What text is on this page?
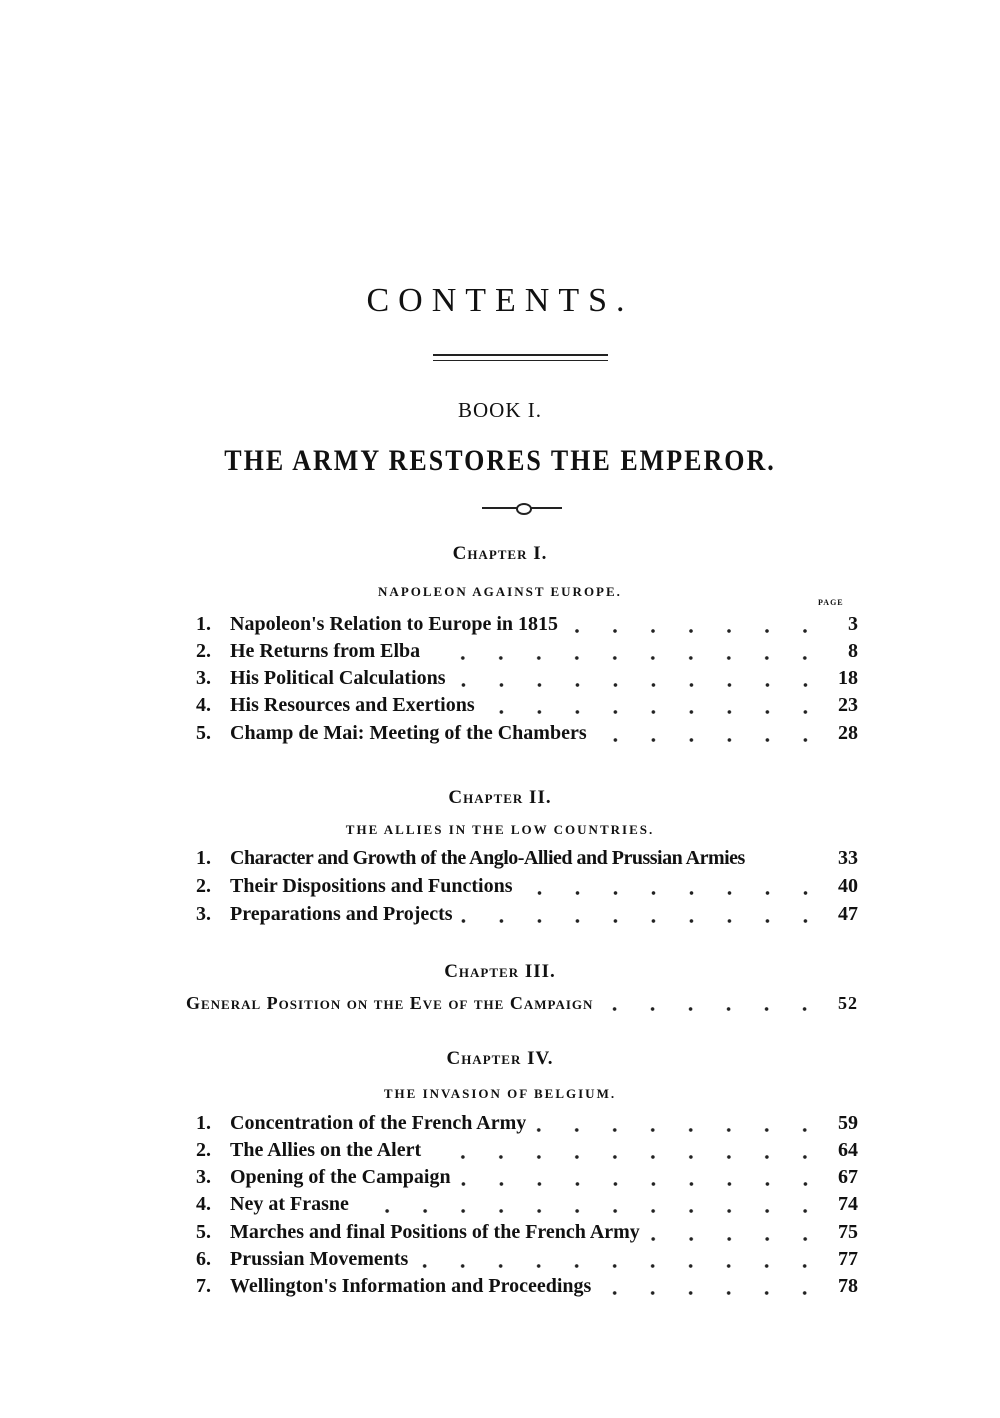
CONTENTS.
BOOK I.
THE ARMY RESTORES THE EMPEROR.
Chapter I.
NAPOLEON AGAINST EUROPE.
PAGE
1. Napoleon's Relation to Europe in 1815	3
2. He Returns from Elba	8
3. His Political Calculations	18
4. His Resources and Exertions	23
5. Champ de Mai: Meeting of the Chambers	28
Chapter II.
THE ALLIES IN THE LOW COUNTRIES.
1. Character and Growth of the Anglo-Allied and Prussian Armies	33
2. Their Dispositions and Functions	40
3. Preparations and Projects	47
Chapter III.
General Position on the Eve of the Campaign	52
Chapter IV.
THE INVASION OF BELGIUM.
1. Concentration of the French Army	59
2. The Allies on the Alert	64
3. Opening of the Campaign	67
4. Ney at Frasne	74
5. Marches and final Positions of the French Army	75
6. Prussian Movements	77
7. Wellington's Information and Proceedings	78
